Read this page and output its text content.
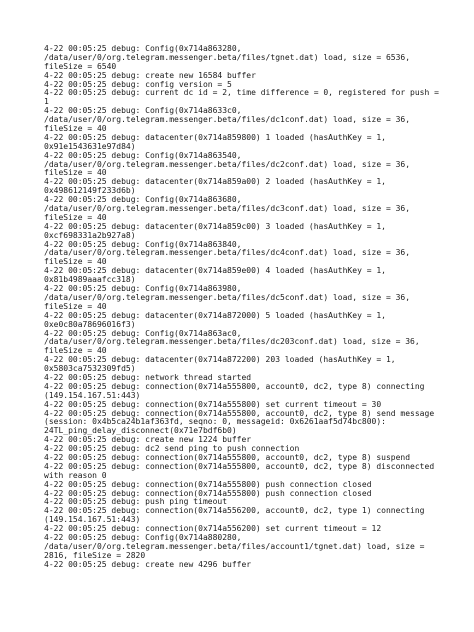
4-22 00:05:25 debug: Config(0x714a863280,
/data/user/0/org.telegram.messenger.beta/files/tgnet.dat) load, size = 6536,
fileSize = 6540
4-22 00:05:25 debug: create new 16584 buffer
4-22 00:05:25 debug: config version = 5
4-22 00:05:25 debug: current dc id = 2, time difference = 0, registered for push =
1
4-22 00:05:25 debug: Config(0x714a8633c0,
/data/user/0/org.telegram.messenger.beta/files/dc1conf.dat) load, size = 36,
fileSize = 40
4-22 00:05:25 debug: datacenter(0x714a859800) 1 loaded (hasAuthKey = 1,
0x91e1543631e97d84)
4-22 00:05:25 debug: Config(0x714a863540,
/data/user/0/org.telegram.messenger.beta/files/dc2conf.dat) load, size = 36,
fileSize = 40
4-22 00:05:25 debug: datacenter(0x714a859a00) 2 loaded (hasAuthKey = 1,
0x498612149f233d6b)
4-22 00:05:25 debug: Config(0x714a863680,
/data/user/0/org.telegram.messenger.beta/files/dc3conf.dat) load, size = 36,
fileSize = 40
4-22 00:05:25 debug: datacenter(0x714a859c00) 3 loaded (hasAuthKey = 1,
0xcf698331a2b927a8)
4-22 00:05:25 debug: Config(0x714a863840,
/data/user/0/org.telegram.messenger.beta/files/dc4conf.dat) load, size = 36,
fileSize = 40
4-22 00:05:25 debug: datacenter(0x714a859e00) 4 loaded (hasAuthKey = 1,
0x81b4989aaafcc318)
4-22 00:05:25 debug: Config(0x714a863980,
/data/user/0/org.telegram.messenger.beta/files/dc5conf.dat) load, size = 36,
fileSize = 40
4-22 00:05:25 debug: datacenter(0x714a872000) 5 loaded (hasAuthKey = 1,
0xe0c80a78696016f3)
4-22 00:05:25 debug: Config(0x714a863ac0,
/data/user/0/org.telegram.messenger.beta/files/dc203conf.dat) load, size = 36,
fileSize = 40
4-22 00:05:25 debug: datacenter(0x714a872200) 203 loaded (hasAuthKey = 1,
0x5803ca7532309fd5)
4-22 00:05:25 debug: network thread started
4-22 00:05:25 debug: connection(0x714a555800, account0, dc2, type 8) connecting
(149.154.167.51:443)
4-22 00:05:25 debug: connection(0x714a555800) set current timeout = 30
4-22 00:05:25 debug: connection(0x714a555800, account0, dc2, type 8) send message
(session: 0x4b5ca24b1af363fd, seqno: 0, messageid: 0x6261aaf5d74bc800):
24TL_ping_delay_disconnect(0x71e7bdf6b0)
4-22 00:05:25 debug: create new 1224 buffer
4-22 00:05:25 debug: dc2 send ping to push connection
4-22 00:05:25 debug: connection(0x714a555800, account0, dc2, type 8) suspend
4-22 00:05:25 debug: connection(0x714a555800, account0, dc2, type 8) disconnected
with reason 0
4-22 00:05:25 debug: connection(0x714a555800) push connection closed
4-22 00:05:25 debug: connection(0x714a555800) push connection closed
4-22 00:05:25 debug: push ping timeout
4-22 00:05:25 debug: connection(0x714a556200, account0, dc2, type 1) connecting
(149.154.167.51:443)
4-22 00:05:25 debug: connection(0x714a556200) set current timeout = 12
4-22 00:05:25 debug: Config(0x714a880280,
/data/user/0/org.telegram.messenger.beta/files/account1/tgnet.dat) load, size =
2816, fileSize = 2820
4-22 00:05:25 debug: create new 4296 buffer
